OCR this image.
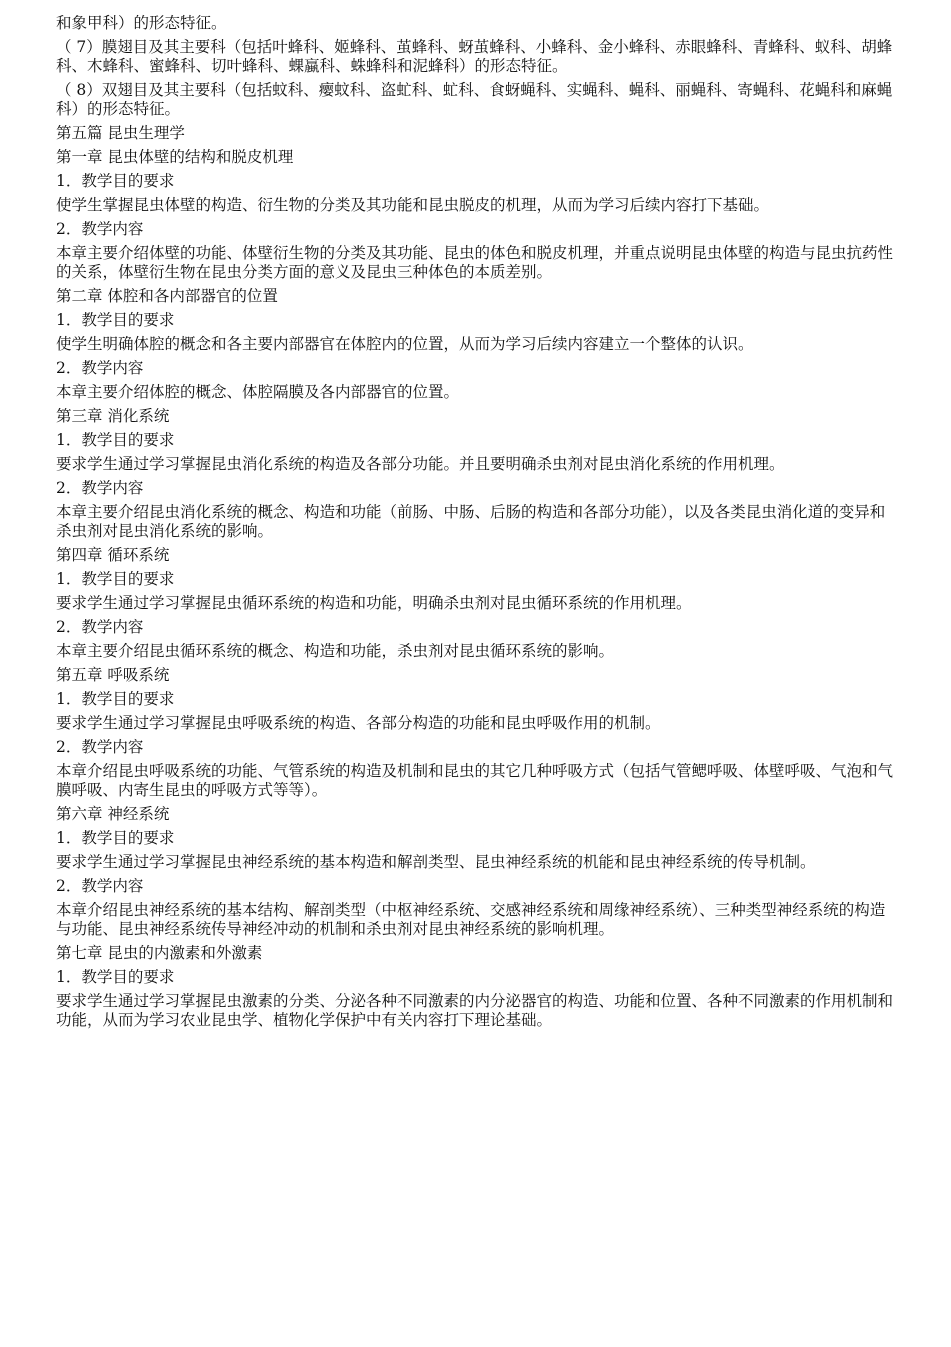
和象甲科）的形态特征。

（ 7）膜翅目及其主要科（包括叶蜂科、姬蜂科、茧蜂科、蚜茧蜂科、小蜂科、金小蜂科、赤眼蜂科、青蜂科、蚁科、胡蜂科、木蜂科、蜜蜂科、切叶蜂科、蜾蠃科、蛛蜂科和泥蜂科）的形态特征。

（ 8）双翅目及其主要科（包括蚊科、瘿蚊科、盗虻科、虻科、食蚜蝇科、实蝇科、蝇科、丽蝇科、寄蝇科、花蝇科和麻蝇科）的形态特征。

第五篇 昆虫生理学

第一章 昆虫体壁的结构和脱皮机理

1．教学目的要求

使学生掌握昆虫体壁的构造、衍生物的分类及其功能和昆虫脱皮的机理，从而为学习后续内容打下基础。

2．教学内容

本章主要介绍体壁的功能、体壁衍生物的分类及其功能、昆虫的体色和脱皮机理，并重点说明昆虫体壁的构造与昆虫抗药性的关系，体壁衍生物在昆虫分类方面的意义及昆虫三种体色的本质差别。

第二章 体腔和各内部器官的位置

1．教学目的要求

使学生明确体腔的概念和各主要内部器官在体腔内的位置，从而为学习后续内容建立一个整体的认识。

2．教学内容

本章主要介绍体腔的概念、体腔隔膜及各内部器官的位置。

第三章 消化系统

1．教学目的要求

要求学生通过学习掌握昆虫消化系统的构造及各部分功能。并且要明确杀虫剂对昆虫消化系统的作用机理。

2．教学内容

本章主要介绍昆虫消化系统的概念、构造和功能（前肠、中肠、后肠的构造和各部分功能），以及各类昆虫消化道的变异和杀虫剂对昆虫消化系统的影响。

第四章 循环系统

1．教学目的要求

要求学生通过学习掌握昆虫循环系统的构造和功能，明确杀虫剂对昆虫循环系统的作用机理。

2．教学内容

本章主要介绍昆虫循环系统的概念、构造和功能，杀虫剂对昆虫循环系统的影响。

第五章 呼吸系统

1．教学目的要求

要求学生通过学习掌握昆虫呼吸系统的构造、各部分构造的功能和昆虫呼吸作用的机制。

2．教学内容

本章介绍昆虫呼吸系统的功能、气管系统的构造及机制和昆虫的其它几种呼吸方式（包括气管鳃呼吸、体壁呼吸、气泡和气膜呼吸、内寄生昆虫的呼吸方式等等）。

第六章 神经系统

1．教学目的要求

要求学生通过学习掌握昆虫神经系统的基本构造和解剖类型、昆虫神经系统的机能和昆虫神经系统的传导机制。

2．教学内容

本章介绍昆虫神经系统的基本结构、解剖类型（中枢神经系统、交感神经系统和周缘神经系统）、三种类型神经系统的构造与功能、昆虫神经系统传导神经冲动的机制和杀虫剂对昆虫神经系统的影响机理。

第七章 昆虫的内激素和外激素

1．教学目的要求

要求学生通过学习掌握昆虫激素的分类、分泌各种不同激素的内分泌器官的构造、功能和位置、各种不同激素的作用机制和功能，从而为学习农业昆虫学、植物化学保护中有关内容打下理论基础。
